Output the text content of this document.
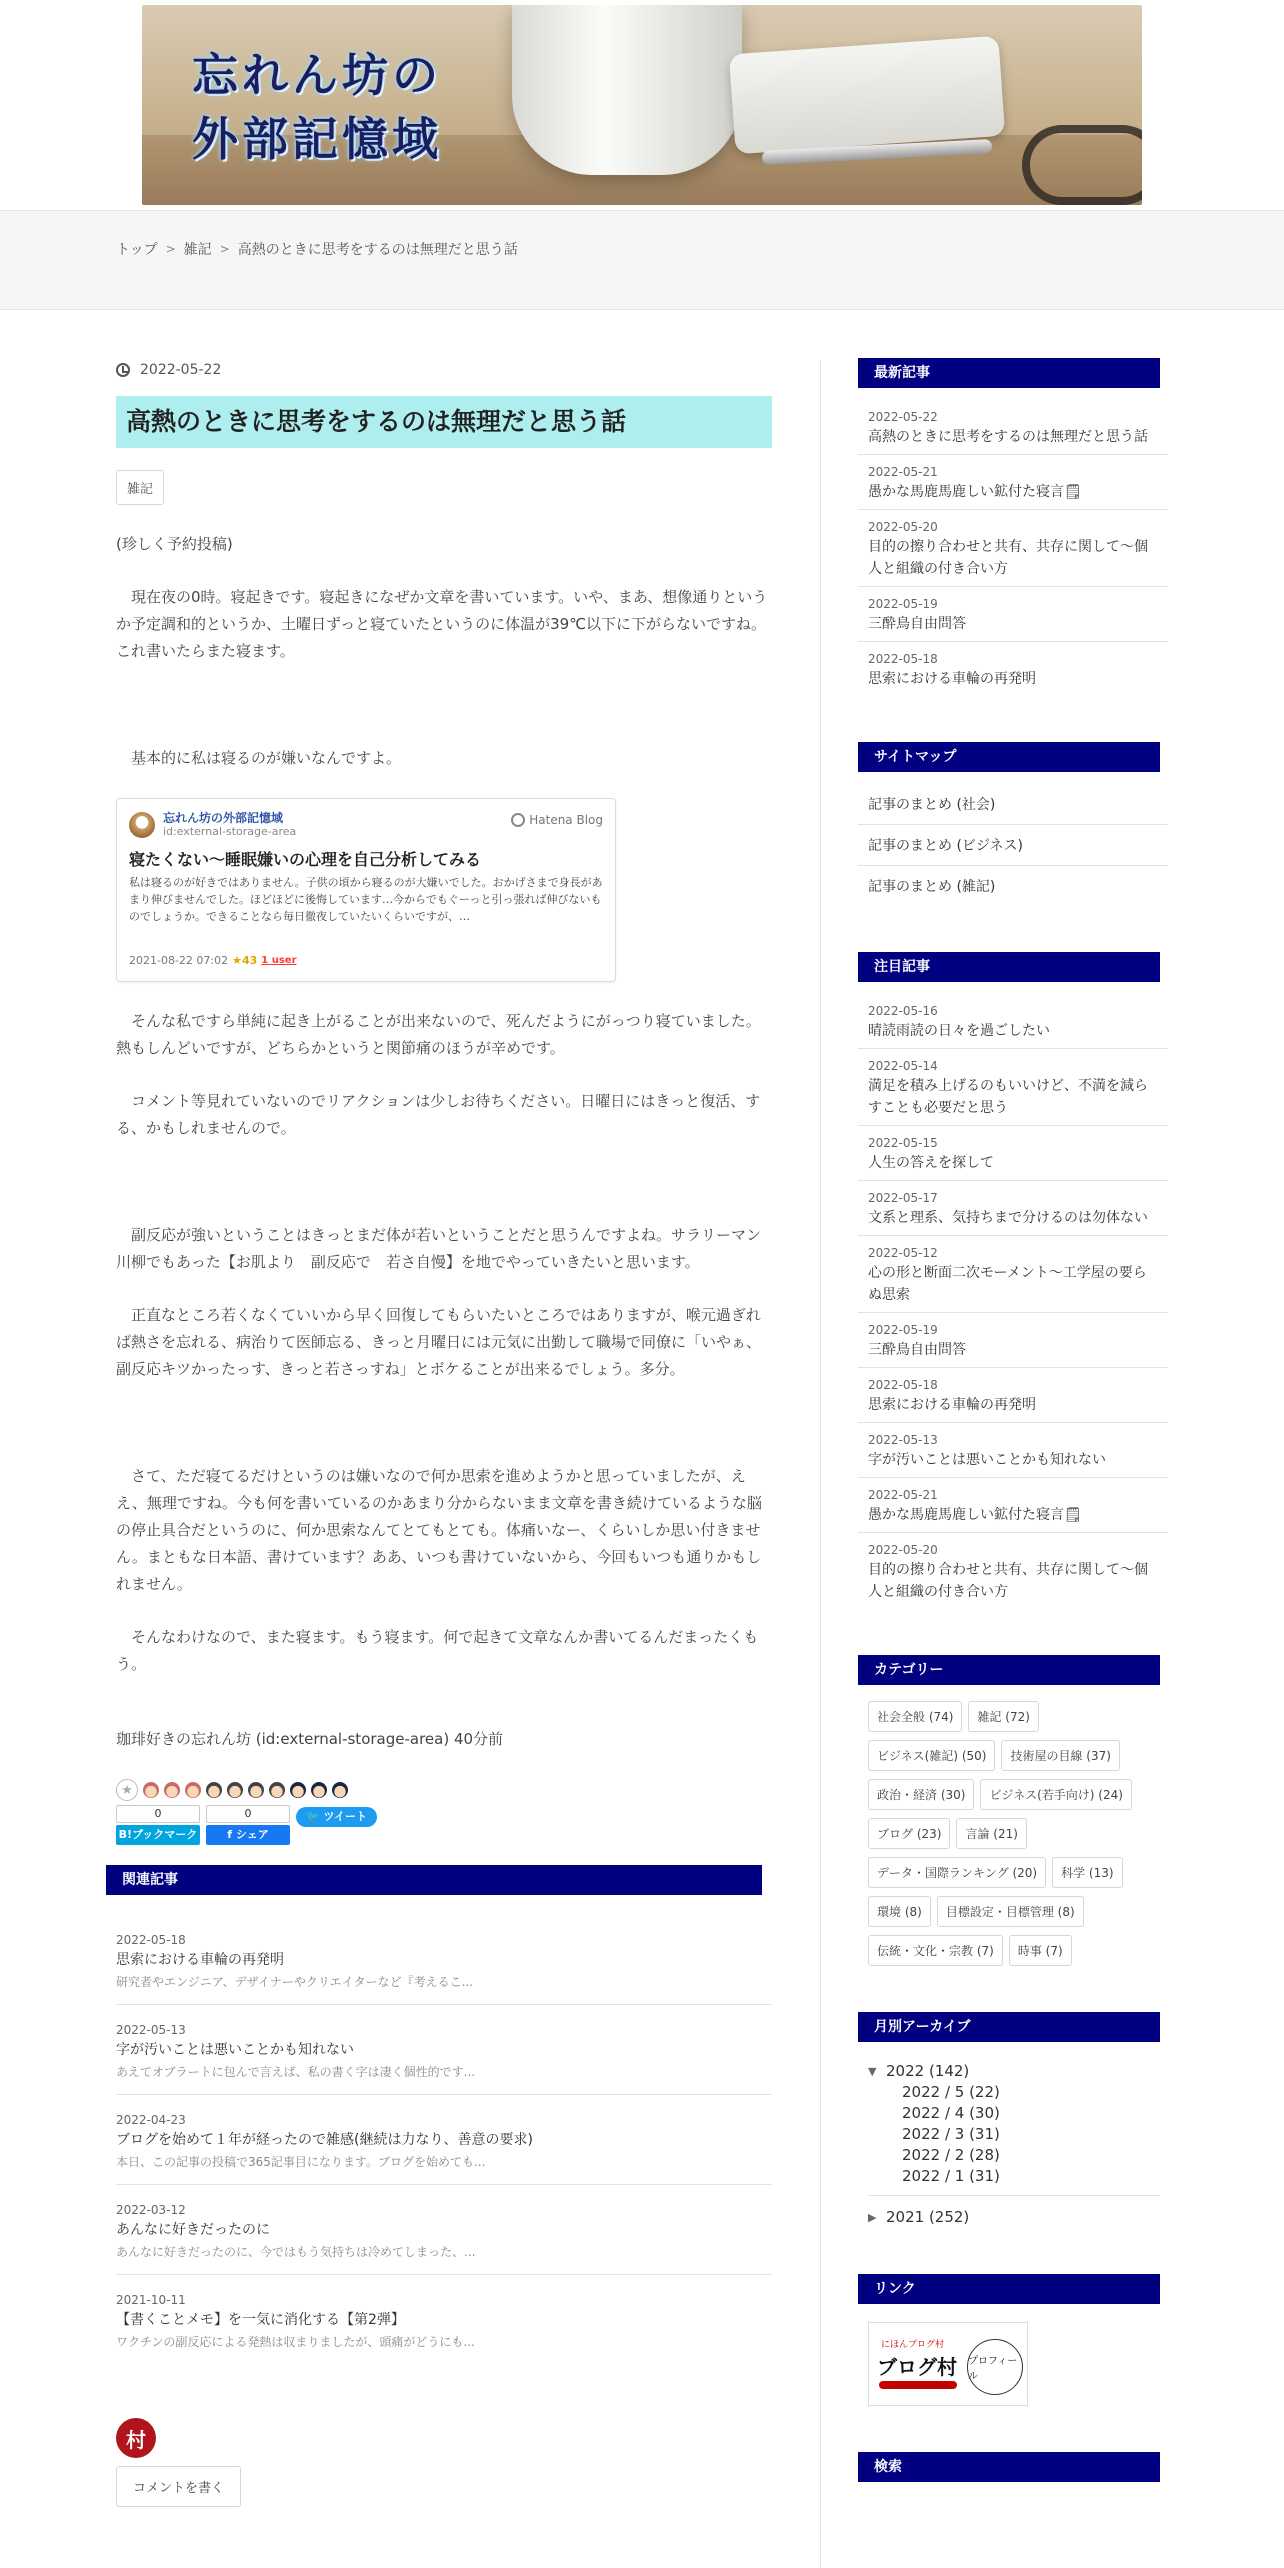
忘れん坊の
外部記憶域
トップ > 雑記 > 高熱のときに思考をするのは無理だと思う話
2022-05-22
高熱のときに思考をするのは無理だと思う話
雑記

(珍しく予約投稿)

現在夜の0時。寝起きです。寝起きになぜか文章を書いています。いや、まあ、想像通りというか予定調和的というか、土曜日ずっと寝ていたというのに体温が39℃以下に下がらないですね。これ書いたらまた寝ます。

基本的に私は寝るのが嫌いなんですよ。

忘れん坊の外部記憶域
id:external-storage-area
Hatena Blog
寝たくない～睡眠嫌いの心理を自己分析してみる
私は寝るのが好きではありません。子供の頃から寝るのが大嫌いでした。おかげさまで身長があまり伸びませんでした。ほどほどに後悔しています…今からでもぐーっと引っ張れば伸びないものでしょうか。できることなら毎日徹夜していたいくらいですが、…
2021-08-22 07:02 ★43 1 user

そんな私ですら単純に起き上がることが出来ないので、死んだようにがっつり寝ていました。熱もしんどいですが、どちらかというと関節痛のほうが辛めです。

コメント等見れていないのでリアクションは少しお待ちください。日曜日にはきっと復活、する、かもしれませんので。

副反応が強いということはきっとまだ体が若いということだと思うんですよね。サラリーマン川柳でもあった【お肌より　副反応で　若さ自慢】を地でやっていきたいと思います。

正直なところ若くなくていいから早く回復してもらいたいところではありますが、喉元過ぎれば熱さを忘れる、病治りて医師忘る、きっと月曜日には元気に出勤して職場で同僚に「いやぁ、副反応キツかったっす、きっと若さっすね」とボケることが出来るでしょう。多分。

さて、ただ寝てるだけというのは嫌いなので何か思索を進めようかと思っていましたが、ええ、無理ですね。今も何を書いているのかあまり分からないまま文章を書き続けているような脳の停止具合だというのに、何か思索なんてとてもとても。体痛いなー、くらいしか思い付きません。まともな日本語、書けています？ああ、いつも書けていないから、今回もいつも通りかもしれません。

そんなわけなので、また寝ます。もう寝ます。何で起きて文章なんか書いてるんだまったくもう。

珈琲好きの忘れん坊 (id:external-storage-area) 40分前
★
0
B!ブックマーク
0
f シェア
🐦 ツイート
関連記事
2022-05-18
思索における車輪の再発明
研究者やエンジニア、デザイナーやクリエイターなど『考えるこ...
2022-05-13
字が汚いことは悪いことかも知れない
あえてオブラートに包んで言えば、私の書く字は凄く個性的です...
2022-04-23
ブログを始めて１年が経ったので雑感(継続は力なり、善意の要求)
本日、この記事の投稿で365記事目になります。ブログを始めても...
2022-03-12
あんなに好きだったのに
あんなに好きだったのに、今ではもう気持ちは冷めてしまった、...
2021-10-11
【書くことメモ】を一気に消化する【第2弾】
ワクチンの副反応による発熱は収まりましたが、頭痛がどうにも...
村
コメントを書く
最新記事
2022-05-22
高熱のときに思考をするのは無理だと思う話
2022-05-21
愚かな馬鹿馬鹿しい鉱付た寝言🗒
2022-05-20
目的の擦り合わせと共有、共存に関して～個人と組織の付き合い方
2022-05-19
三酔鳥自由問答
2022-05-18
思索における車輪の再発明
サイトマップ
記事のまとめ (社会)
記事のまとめ (ビジネス)
記事のまとめ (雑記)
注目記事
2022-05-16
晴読雨読の日々を過ごしたい
2022-05-14
満足を積み上げるのもいいけど、不満を減らすことも必要だと思う
2022-05-15
人生の答えを探して
2022-05-17
文系と理系、気持ちまで分けるのは勿体ない
2022-05-12
心の形と断面二次モーメント〜工学屋の要らぬ思索
2022-05-19
三酔鳥自由問答
2022-05-18
思索における車輪の再発明
2022-05-13
字が汚いことは悪いことかも知れない
2022-05-21
愚かな馬鹿馬鹿しい鉱付た寝言🗒
2022-05-20
目的の擦り合わせと共有、共存に関して～個人と組織の付き合い方
カテゴリー
社会全般 (74)	雑記 (72)
ビジネス(雑記) (50)	技術屋の目線 (37)
政治・経済 (30)	ビジネス(若手向け) (24)
ブログ (23)	言論 (21)
データ・国際ランキング (20)	科学 (13)
環境 (8)	目標設定・目標管理 (8)
伝統・文化・宗教 (7)	時事 (7)
月別アーカイブ
▼ 2022 (142)
2022 / 5 (22)
2022 / 4 (30)
2022 / 3 (31)
2022 / 2 (28)
2022 / 1 (31)
▶ 2021 (252)
リンク
にほんブログ村
ブログ村 プロフィール
検索
